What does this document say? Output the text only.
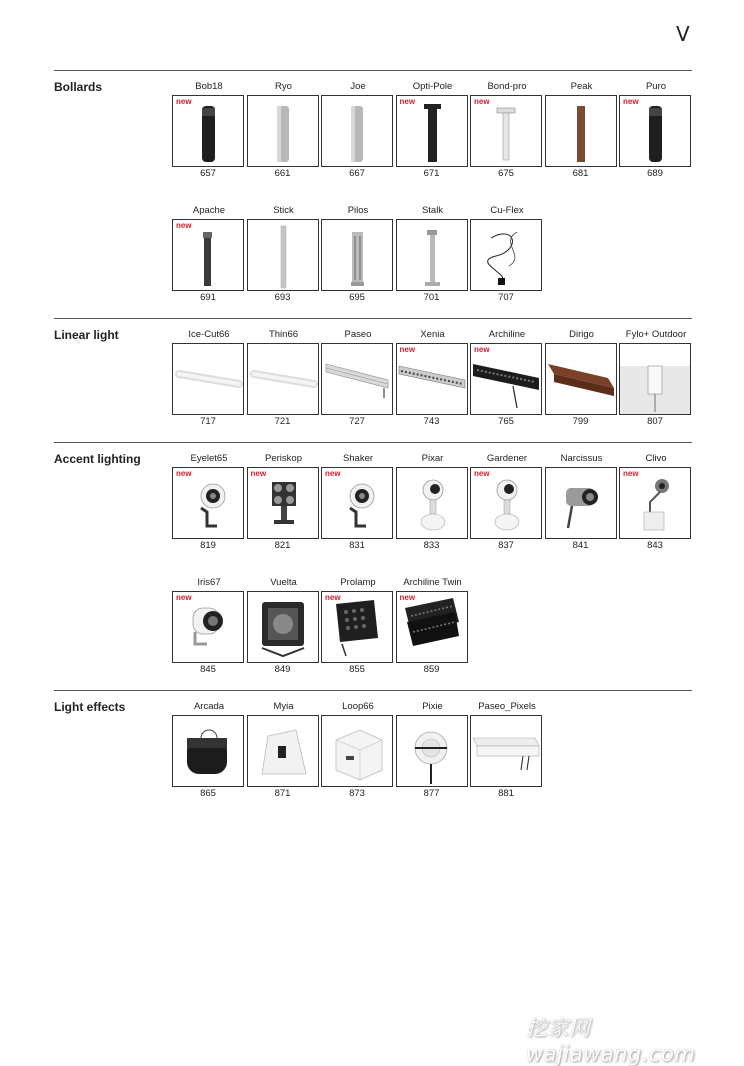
V
Bollards	Bob18
new
657
Ryo
661
Joe
667
Opti-Pole
new
671
Bond-pro
new
675
Peak
681
Puro
new
689
Apache
new
691
Stick
693
Pilos
695
Stalk
701
Cu-Flex
707
Linear light	Ice-Cut66
717
Thin66
721
Paseo
727
Xenia
new
743
Archiline
new
765
Dirigo
799
Fylo+ Outdoor
807
Accent lighting	Eyelet65
new
819
Periskop
new
821
Shaker
new
831
Pixar
833
Gardener
new
837
Narcissus
841
Clivo
new
843
Iris67
new
845
Vuelta
849
Prolamp
new
855
Archiline Twin
new
859
Light effects	Arcada
865
Myia
871
Loop66
873
Pixie
877
Paseo_Pixels
881
挖家网 wajiawang.com
